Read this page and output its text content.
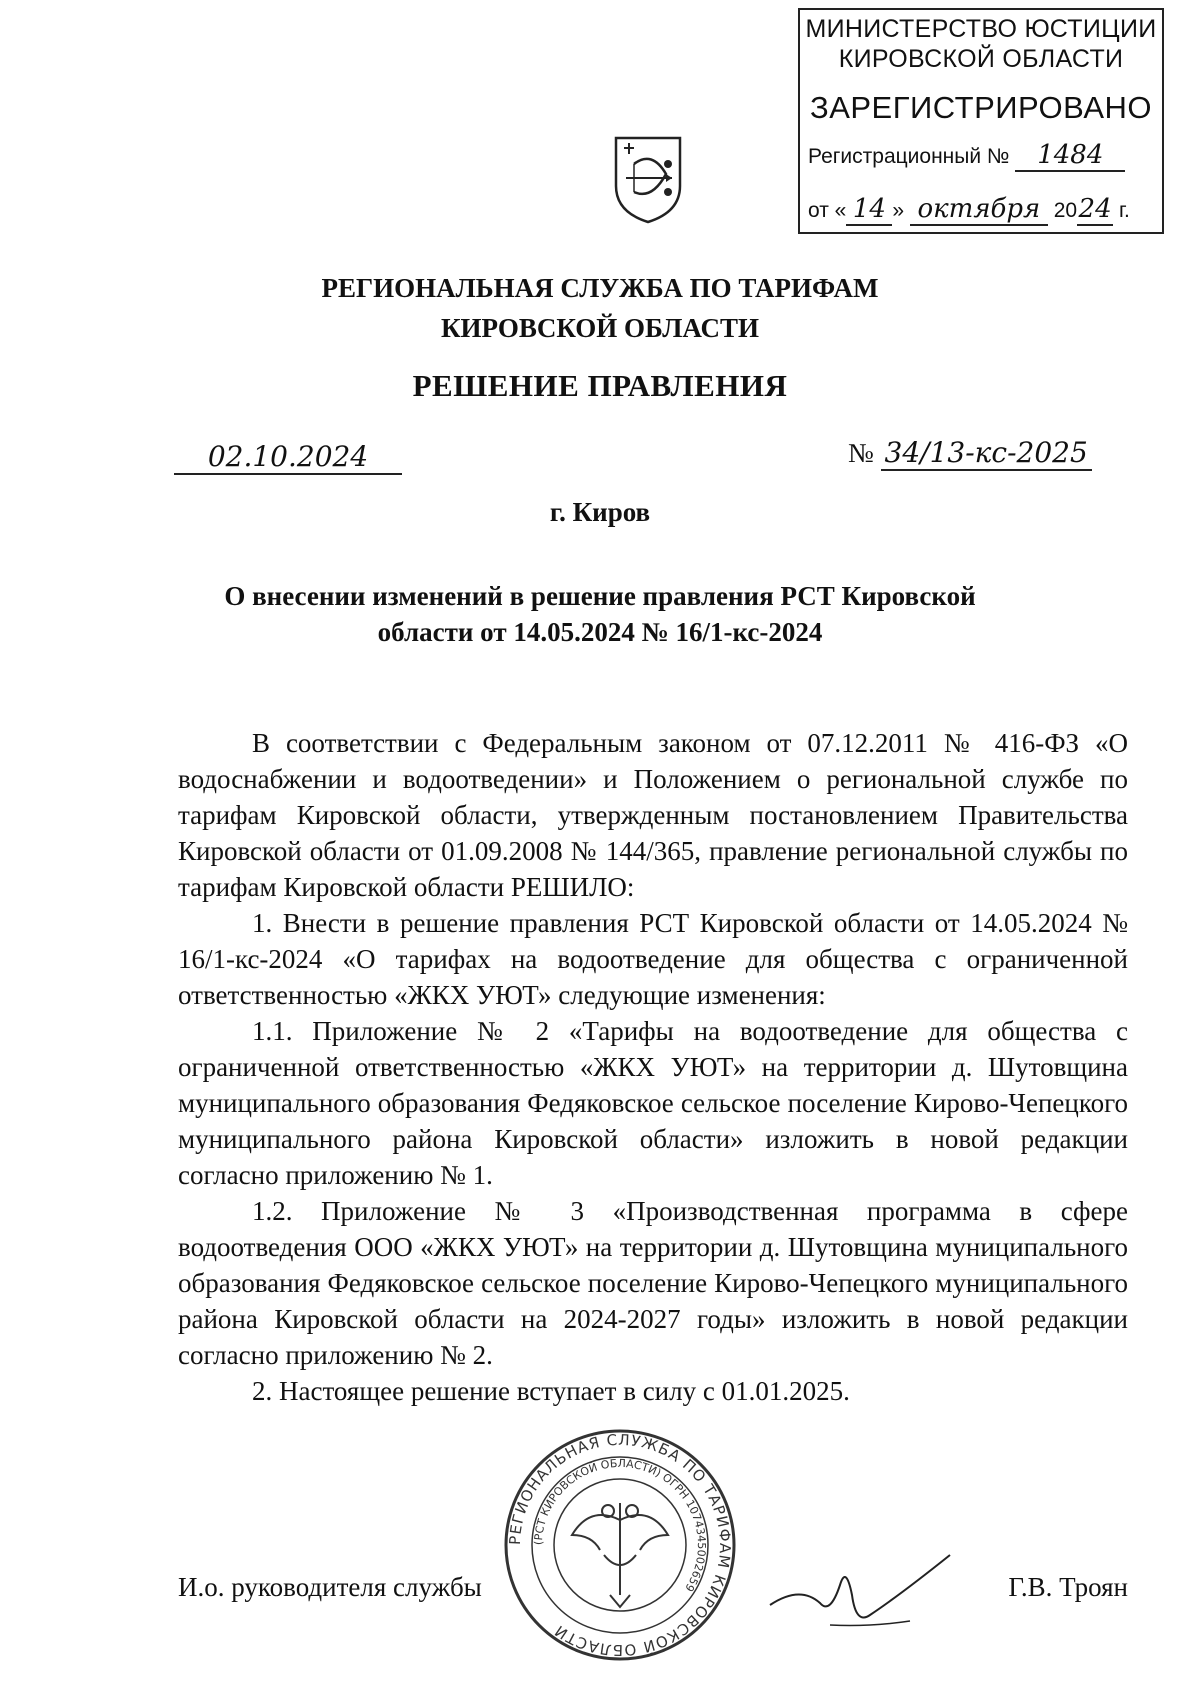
МИНИСТЕРСТВО ЮСТИЦИИ
КИРОВСКОЙ ОБЛАСТИ
ЗАРЕГИСТРИРОВАНО
Регистрационный № 1484
от « 14 » октября 2024 г.
РЕГИОНАЛЬНАЯ СЛУЖБА ПО ТАРИФАМ
КИРОВСКОЙ ОБЛАСТИ
РЕШЕНИЕ ПРАВЛЕНИЯ
02.10.2024	№ 34/13-кс-2025
г. Киров
О внесении изменений в решение правления РСТ Кировской
области от 14.05.2024 № 16/1-кс-2024

В соответствии с Федеральным законом от 07.12.2011 № 416-ФЗ «О водоснабжении и водоотведении» и Положением о региональной службе по тарифам Кировской области, утвержденным постановлением Правительства Кировской области от 01.09.2008 № 144/365, правление региональной службы по тарифам Кировской области РЕШИЛО:

1. Внести в решение правления РСТ Кировской области от 14.05.2024 № 16/1-кс-2024 «О тарифах на водоотведение для общества с ограниченной ответственностью «ЖКХ УЮТ» следующие изменения:

1.1. Приложение № 2 «Тарифы на водоотведение для общества с ограниченной ответственностью «ЖКХ УЮТ» на территории д. Шутовщина муниципального образования Федяковское сельское поселение Кирово-Чепецкого муниципального района Кировской области» изложить в новой редакции согласно приложению № 1.

1.2. Приложение № 3 «Производственная программа в сфере водоотведения ООО «ЖКХ УЮТ» на территории д. Шутовщина муниципального образования Федяковское сельское поселение Кирово-Чепецкого муниципального района Кировской области на 2024-2027 годы» изложить в новой редакции согласно приложению № 2.

2. Настоящее решение вступает в силу с 01.01.2025.

И.о. руководителя службы	Г.В. Троян
РЕГИОНАЛЬНАЯ СЛУЖБА ПО ТАРИФАМ КИРОВСКОЙ ОБЛАСТИ
(РСТ КИРОВСКОЙ ОБЛАСТИ) ОГРН 1074345002659
